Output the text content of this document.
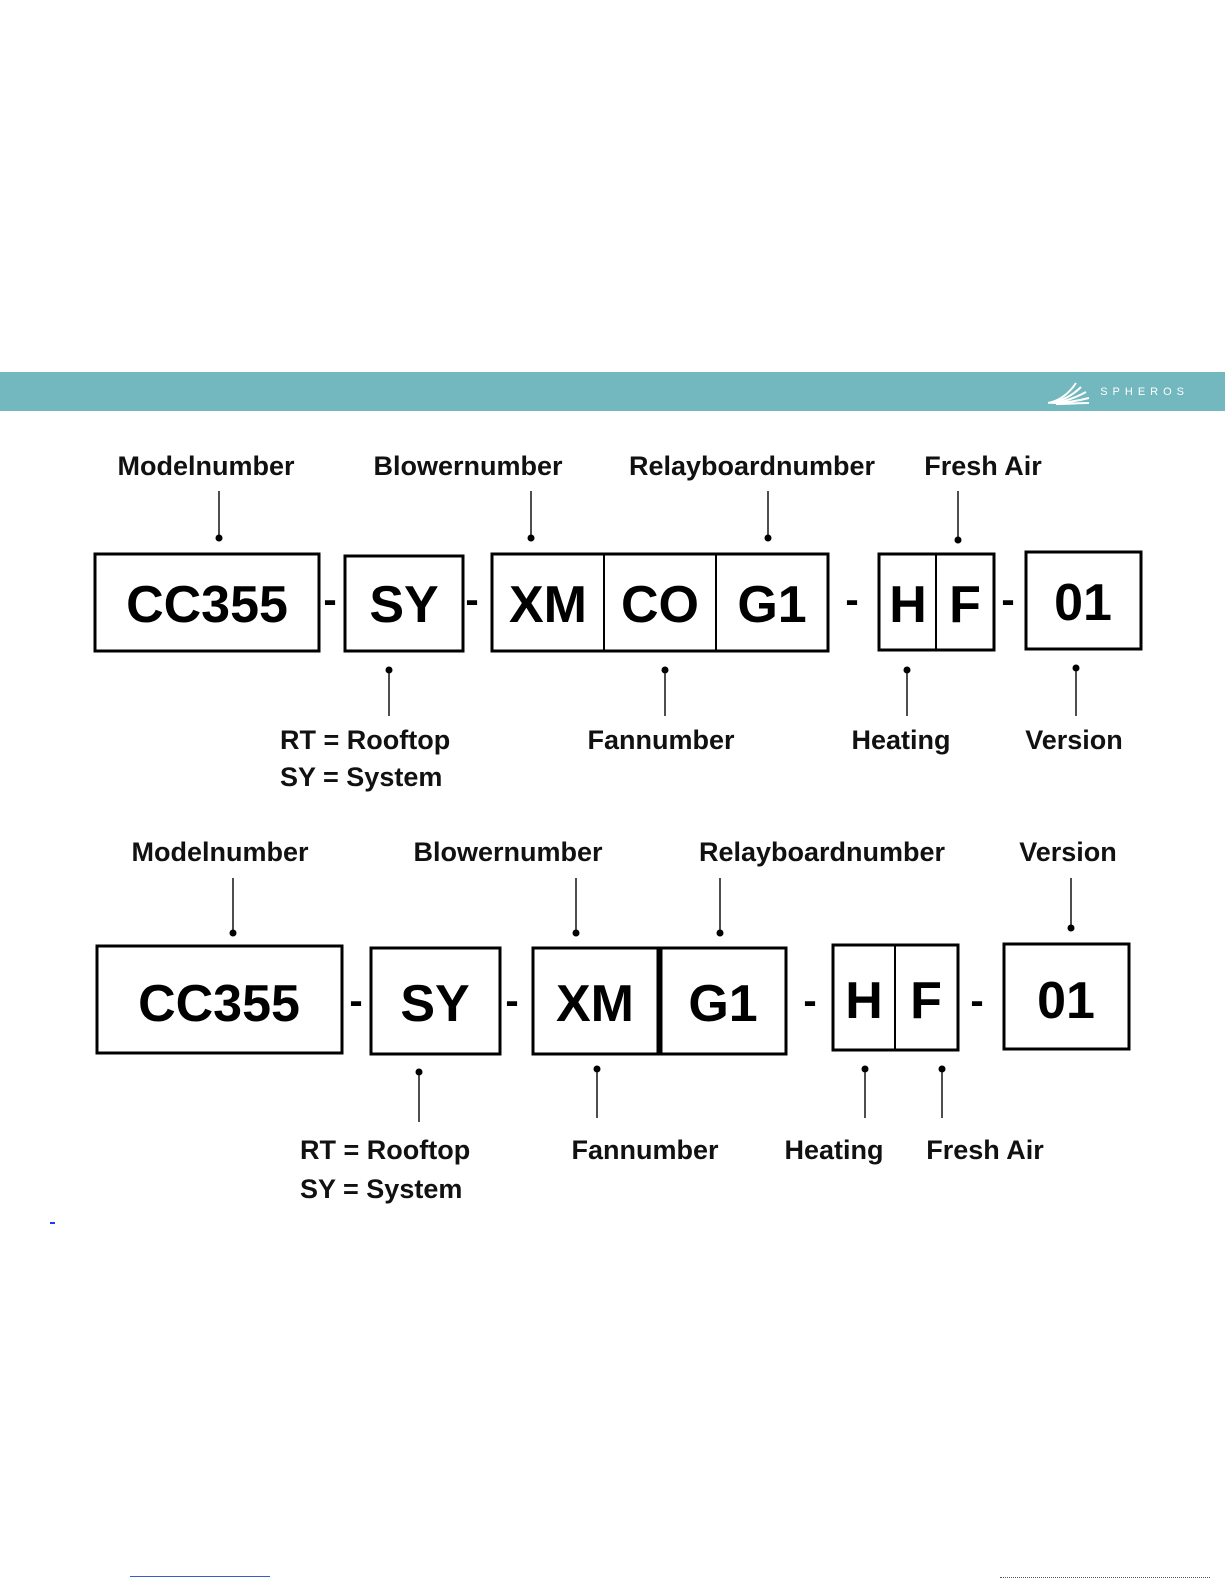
SPHEROS
Modelnumber	Blowernumber Relayboardnumber Fresh Air
CC355 - SY - XM CO G1 - H F - 01
RT = Rooftop
SY = System
Fannumber	Heating	Version
Modelnumber	Blowernumber	Relayboardnumber	Version
CC355 - SY - XM G1 - H F - 01
RT = Rooftop
SY = System
Fannumber Heating Fresh Air
